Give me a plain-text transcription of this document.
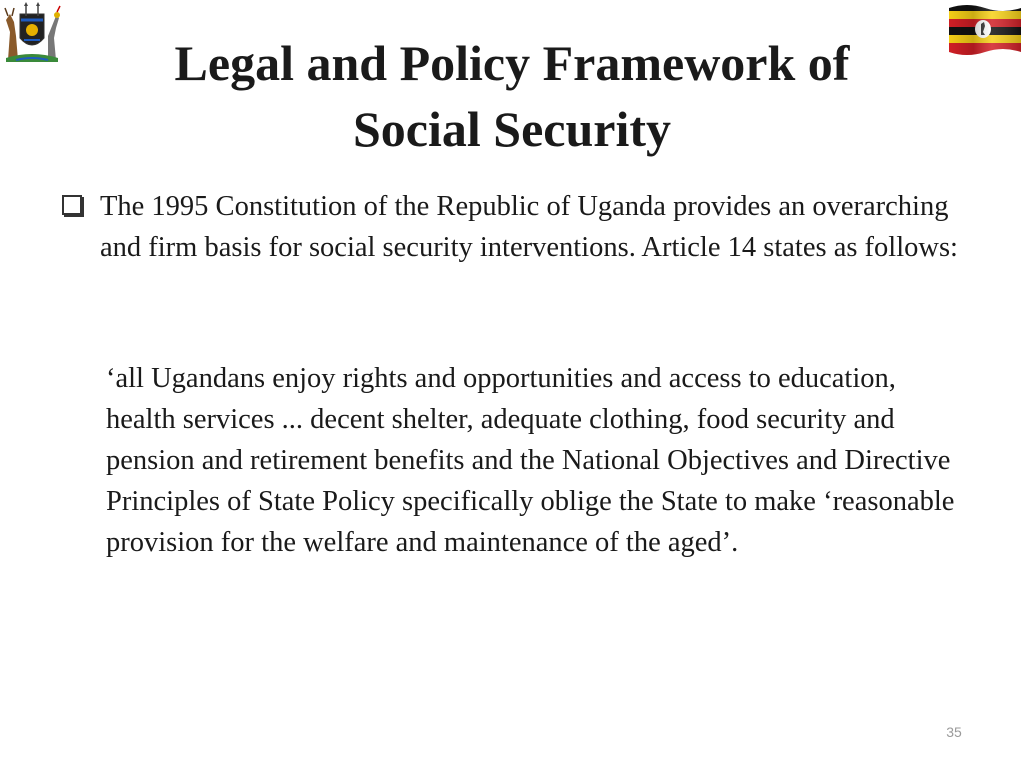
Legal and Policy Framework of
Social Security
The 1995 Constitution of the Republic of Uganda provides an overarching and firm basis for social security interventions. Article 14 states as follows:
‘all Ugandans enjoy rights and opportunities and access to education, health services ... decent shelter, adequate clothing, food security and pension and retirement benefits and the National Objectives and Directive Principles of State Policy specifically oblige the State to make ‘reasonable provision for the welfare and maintenance of the aged’.
35
